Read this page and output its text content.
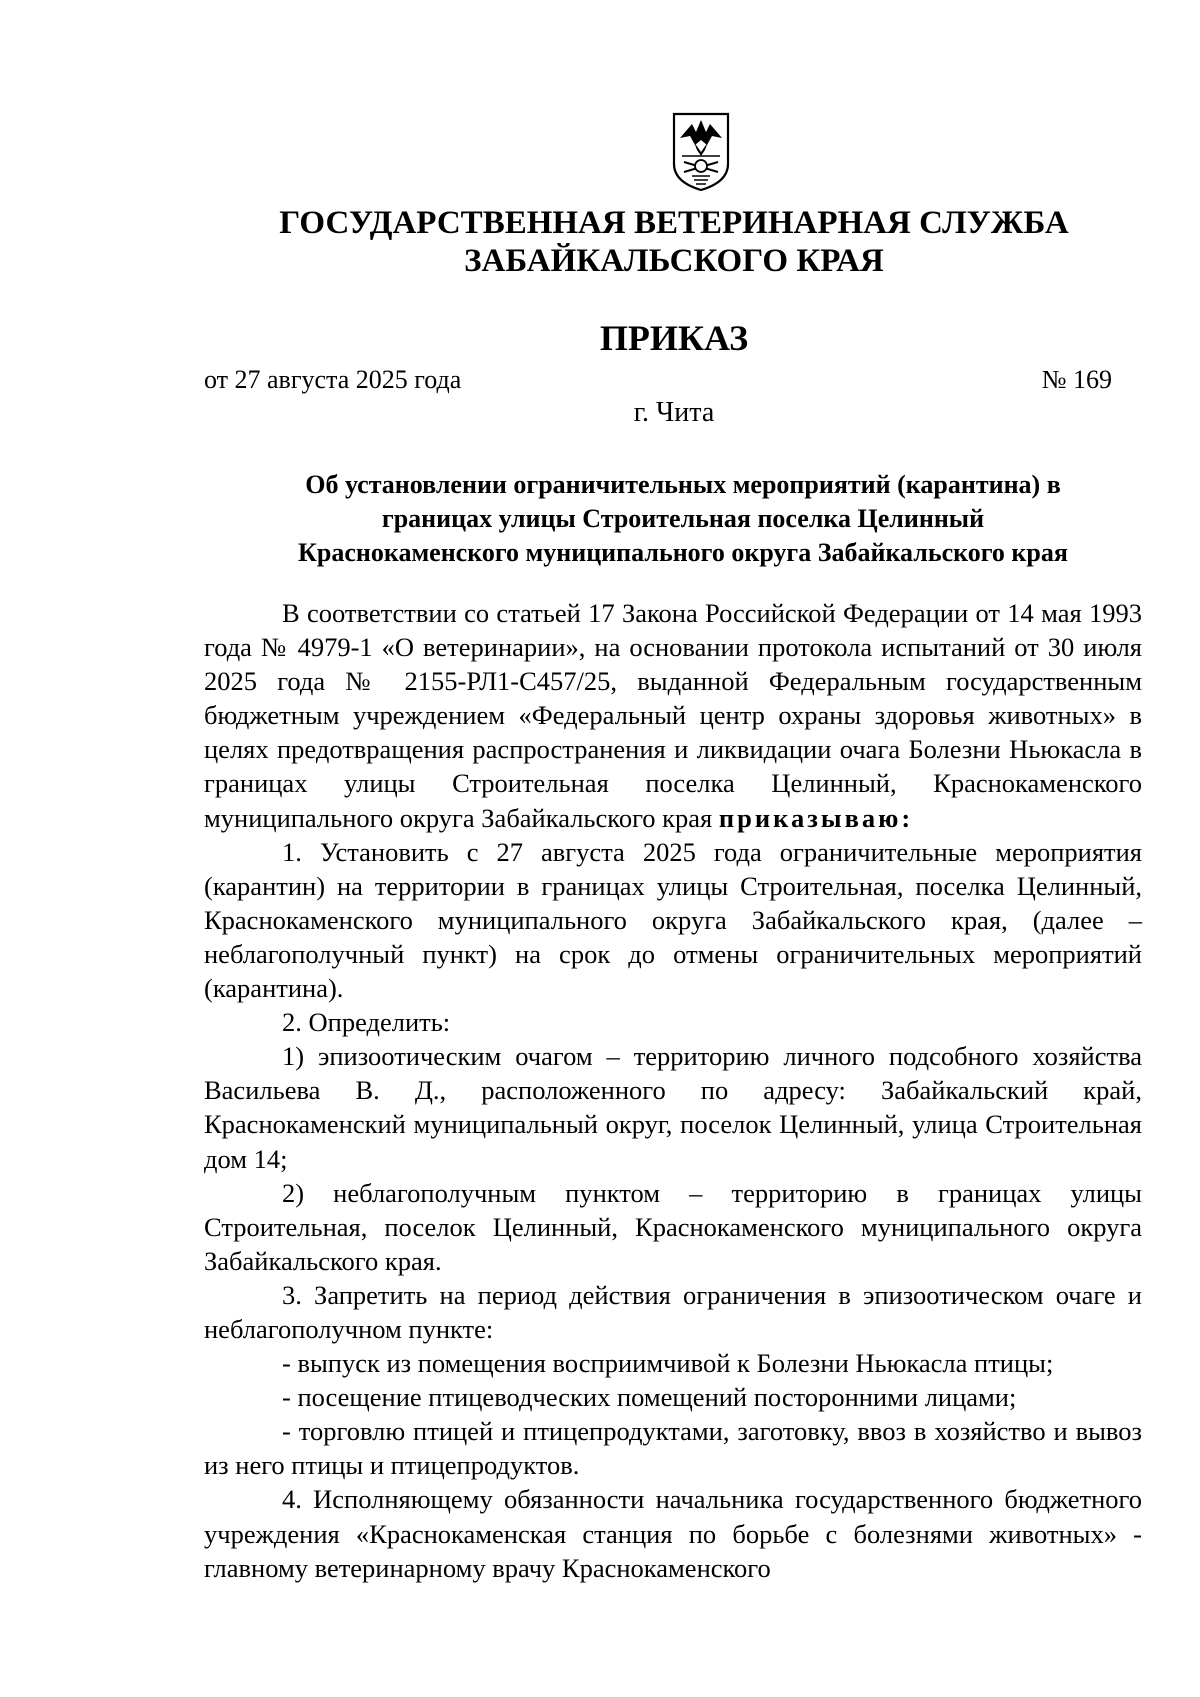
ГОСУДАРСТВЕННАЯ ВЕТЕРИНАРНАЯ СЛУЖБА
ЗАБАЙКАЛЬСКОГО КРАЯ
ПРИКАЗ
от 27 августа 2025 года	№ 169
г. Чита
Об установлении ограничительных мероприятий (карантина) в
границах улицы Строительная поселка Целинный
Краснокаменского муниципального округа Забайкальского края

В соответствии со статьей 17 Закона Российской Федерации от 14 мая 1993 года № 4979-1 «О ветеринарии», на основании протокола испытаний от 30 июля 2025 года № 2155-РЛ1-С457/25, выданной Федеральным государственным бюджетным учреждением «Федеральный центр охраны здоровья животных» в целях предотвращения распространения и ликвидации очага Болезни Ньюкасла в границах улицы Строительная поселка Целинный, Краснокаменского муниципального округа Забайкальского края приказываю:

1. Установить с 27 августа 2025 года ограничительные мероприятия (карантин) на территории в границах улицы Строительная, поселка Целинный, Краснокаменского муниципального округа Забайкальского края, (далее – неблагополучный пункт) на срок до отмены ограничительных мероприятий (карантина).

2. Определить:

1) эпизоотическим очагом – территорию личного подсобного хозяйства Васильева В. Д., расположенного по адресу: Забайкальский край, Краснокаменский муниципальный округ, поселок Целинный, улица Строительная дом 14;

2) неблагополучным пунктом – территорию в границах улицы Строительная, поселок Целинный, Краснокаменского муниципального округа Забайкальского края.

3. Запретить на период действия ограничения в эпизоотическом очаге и неблагополучном пункте:

- выпуск из помещения восприимчивой к Болезни Ньюкасла птицы;

- посещение птицеводческих помещений посторонними лицами;

- торговлю птицей и птицепродуктами, заготовку, ввоз в хозяйство и вывоз из него птицы и птицепродуктов.

4. Исполняющему обязанности начальника государственного бюджетного учреждения «Краснокаменская станция по борьбе с болезнями животных» - главному ветеринарному врачу Краснокаменского
